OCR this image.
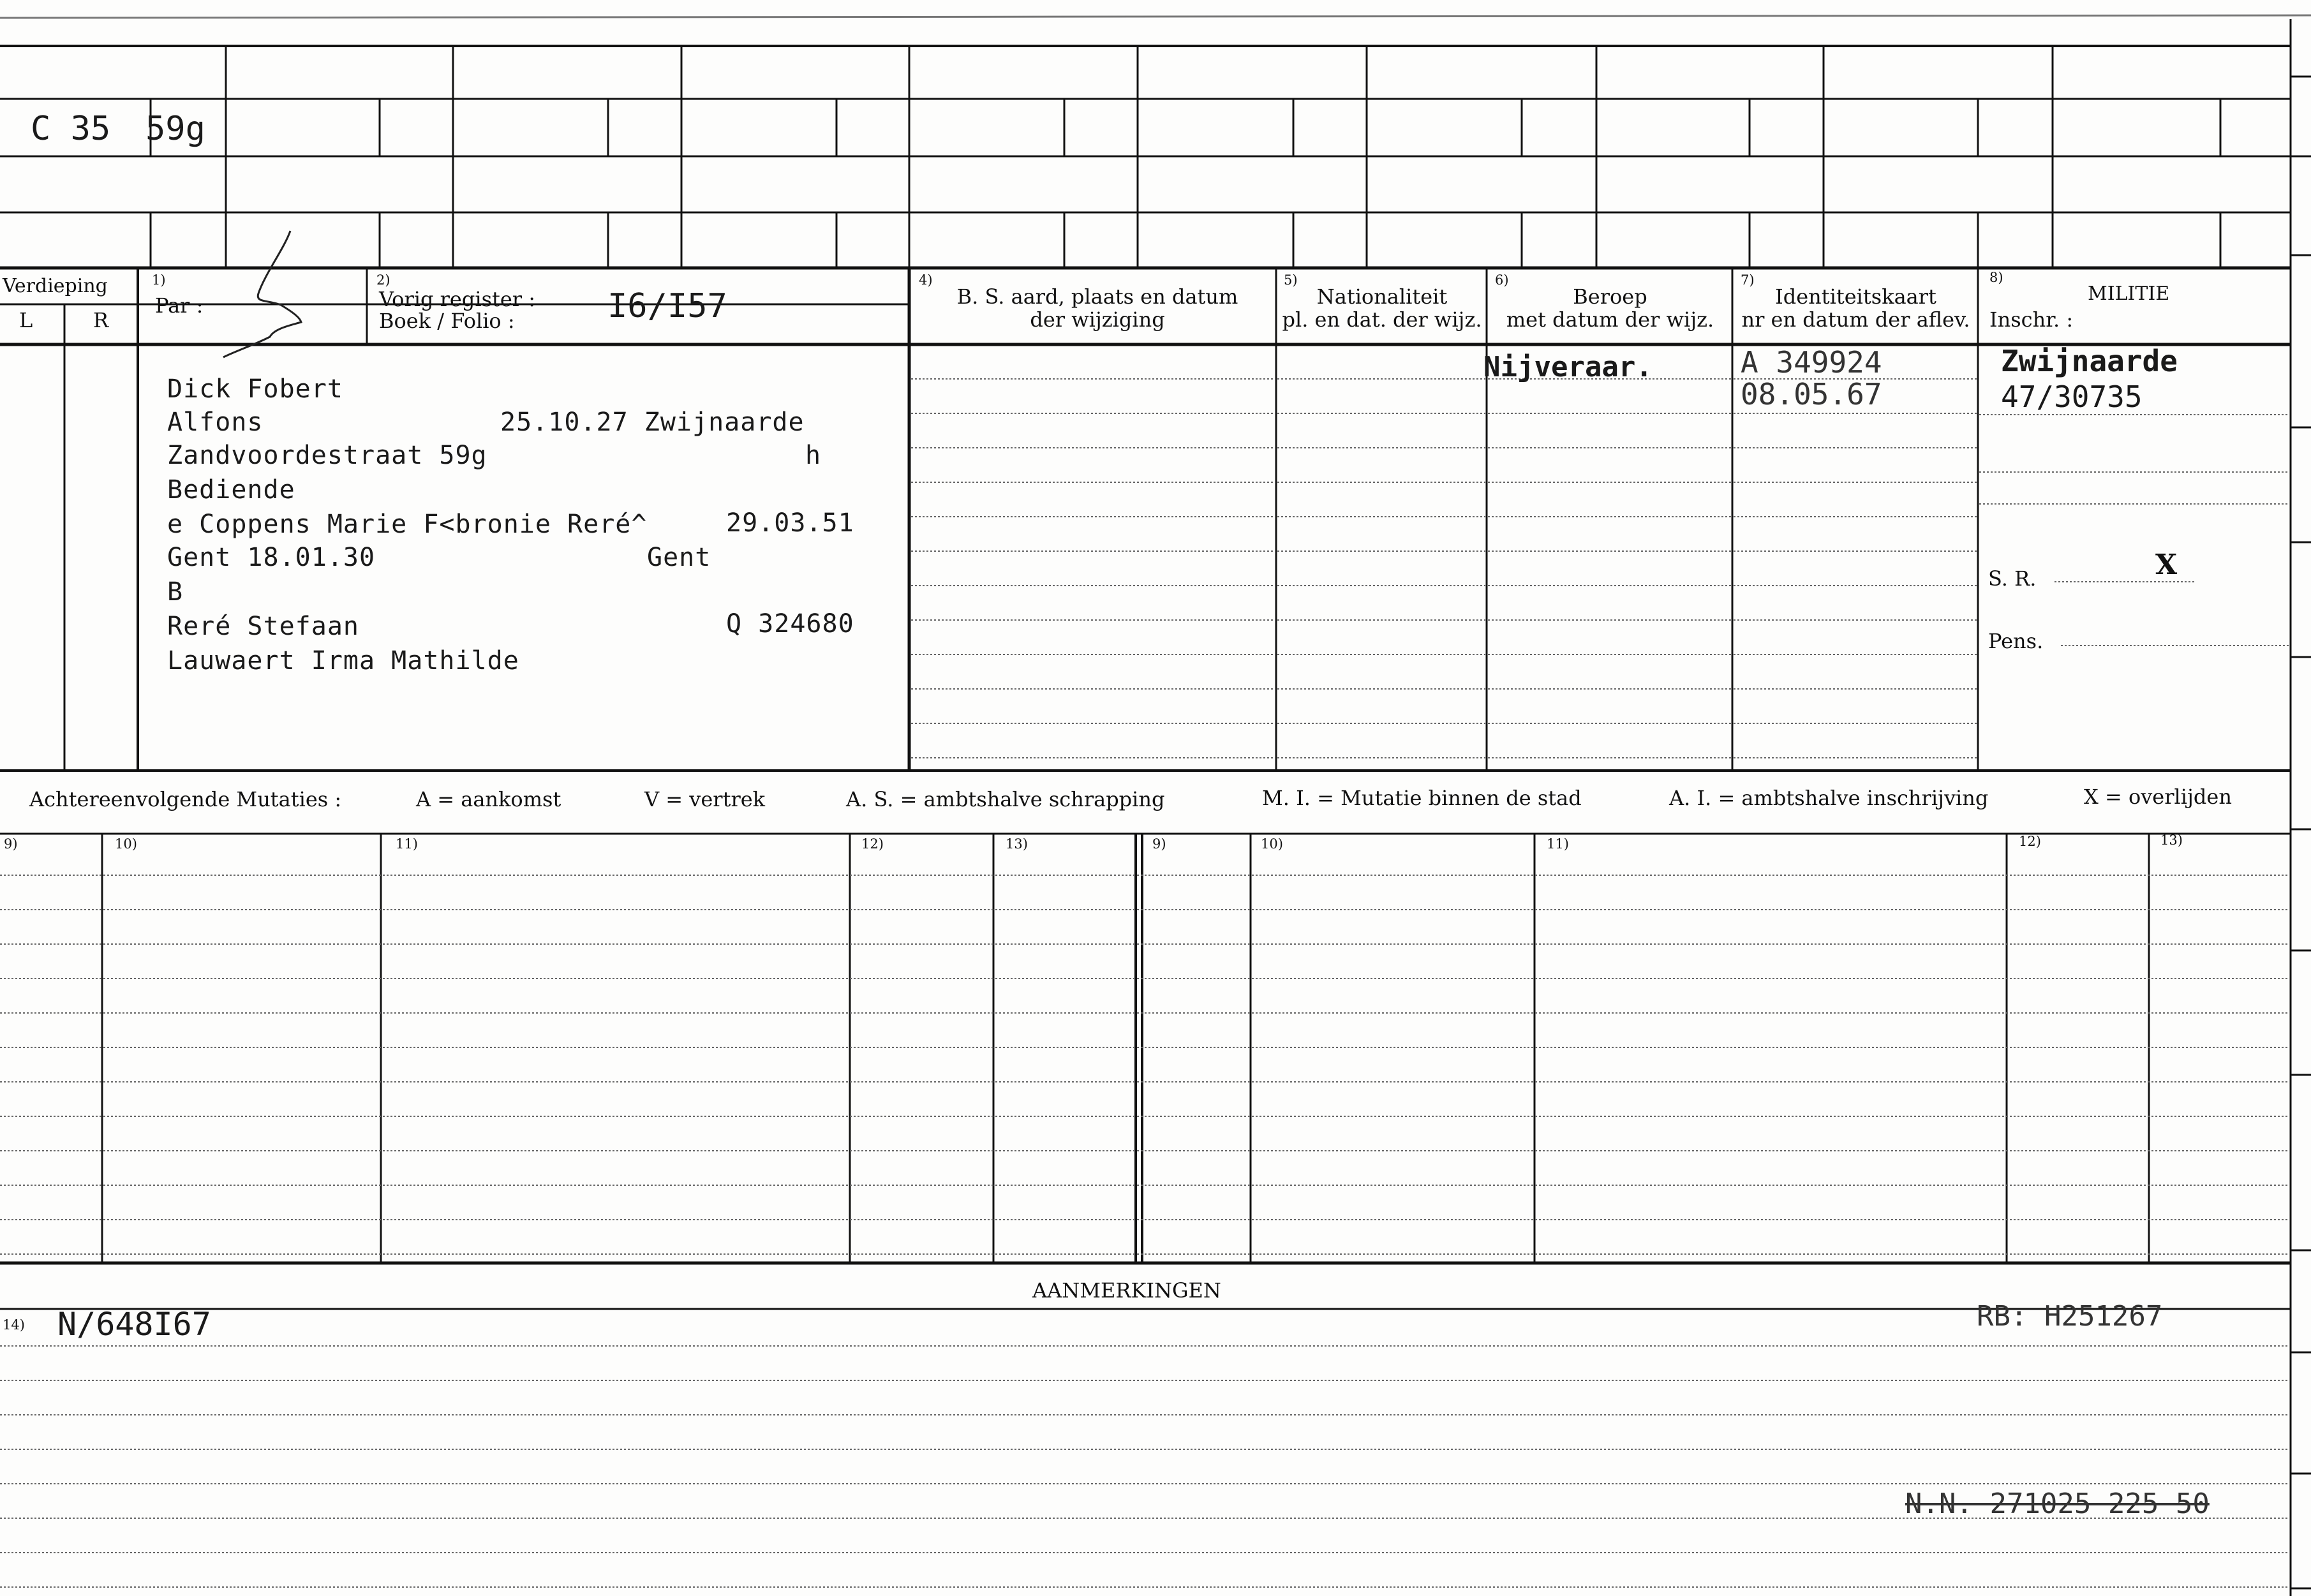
C 35 59g
Verdieping
L	R
1)
Par :
2)
Vorig register :
Boek / Folio :	I6/I57
4)
B. S. aard, plaats en datum
der wijziging
5)
Nationaliteit
pl. en dat. der wijz.
6)
Beroep
met datum der wijz.
7)
Identiteitskaart
nr en datum der aflev.
8)
MILITIE
Inschr. :
Dick Fobert
Alfons	25.10.27 Zwijnaarde
Zandvoordestraat 59g	h
Bediende
e Coppens Marie F<bronie Reré^	29.03.51
Gent 18.01.30	Gent
B
Reré Stefaan	Q 324680
Lauwaert Irma Mathilde
Nijveraar.	A 349924
08.05.67
Zwijnaarde
47/30735
S. R.	X
Pens.
Achtereenvolgende Mutaties :	A = aankomst	V = vertrek	A. S. = ambtshalve schrapping	M. I. = Mutatie binnen de stad	A. I. = ambtshalve inschrijving	X = overlijden
9)	10)	11)	12)	13)	9)	10)	11)	12)	13)
AANMERKINGEN
14) N/648I67	RB: H251267
N.N. 271025 225 50
